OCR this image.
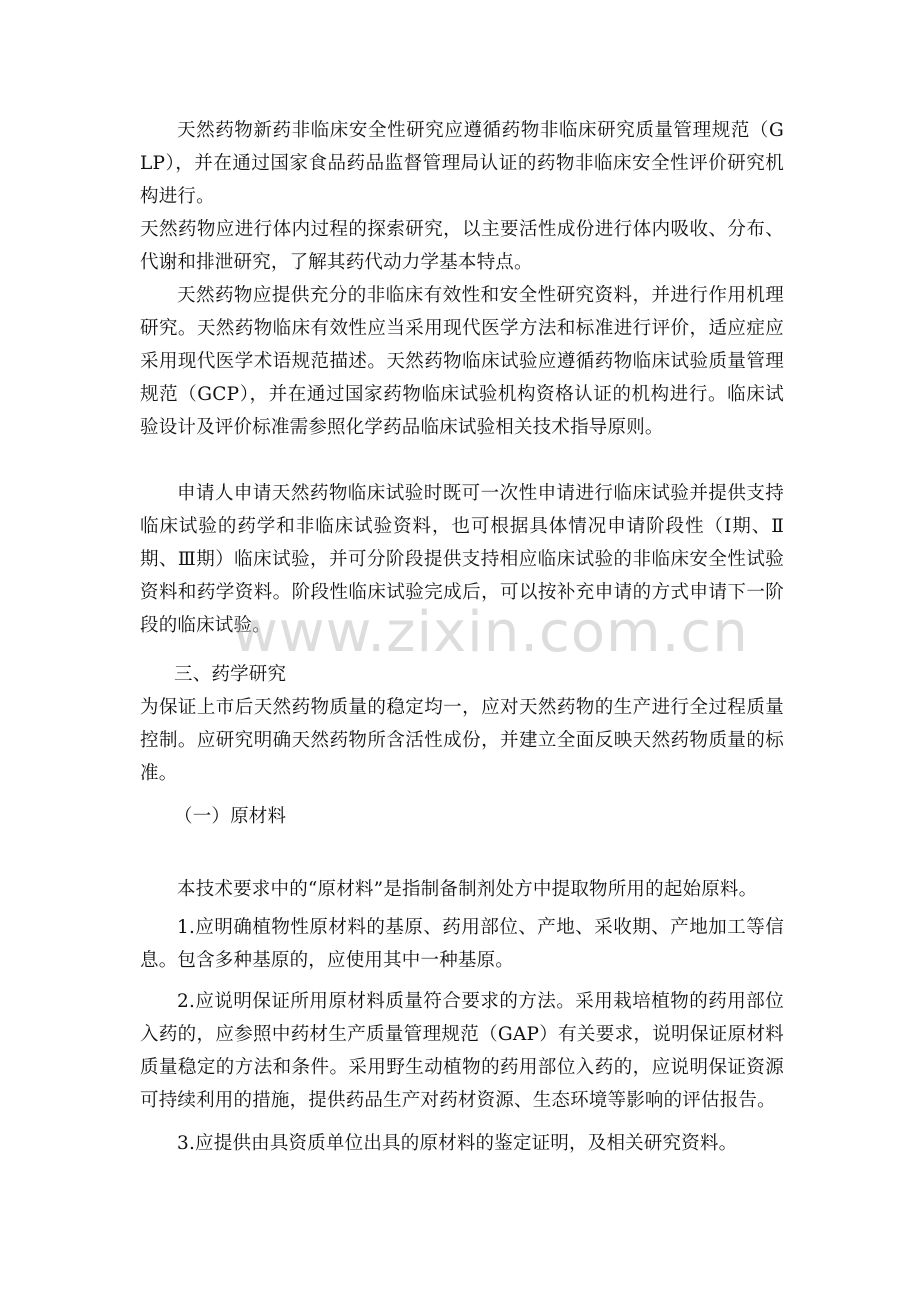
天然药物新药非临床安全性研究应遵循药物非临床研究质量管理规范（GLP），并在通过国家食品药品监督管理局认证的药物非临床安全性评价研究机构进行。

天然药物应进行体内过程的探索研究，以主要活性成份进行体内吸收、分布、代谢和排泄研究，了解其药代动力学基本特点。

天然药物应提供充分的非临床有效性和安全性研究资料，并进行作用机理研究。天然药物临床有效性应当采用现代医学方法和标准进行评价，适应症应采用现代医学术语规范描述。天然药物临床试验应遵循药物临床试验质量管理规范（GCP），并在通过国家药物临床试验机构资格认证的机构进行。临床试验设计及评价标准需参照化学药品临床试验相关技术指导原则。

申请人申请天然药物临床试验时既可一次性申请进行临床试验并提供支持临床试验的药学和非临床试验资料，也可根据具体情况申请阶段性（Ⅰ期、Ⅱ期、Ⅲ期）临床试验，并可分阶段提供支持相应临床试验的非临床安全性试验资料和药学资料。阶段性临床试验完成后，可以按补充申请的方式申请下一阶段的临床试验。

三、药学研究

为保证上市后天然药物质量的稳定均一，应对天然药物的生产进行全过程质量控制。应研究明确天然药物所含活性成份，并建立全面反映天然药物质量的标准。

（一）原材料

本技术要求中的“原材料”是指制备制剂处方中提取物所用的起始原料。

1.应明确植物性原材料的基原、药用部位、产地、采收期、产地加工等信息。包含多种基原的，应使用其中一种基原。

2.应说明保证所用原材料质量符合要求的方法。采用栽培植物的药用部位入药的，应参照中药材生产质量管理规范（GAP）有关要求，说明保证原材料质量稳定的方法和条件。采用野生动植物的药用部位入药的，应说明保证资源可持续利用的措施，提供药品生产对药材资源、生态环境等影响的评估报告。

3.应提供由具资质单位出具的原材料的鉴定证明，及相关研究资料。

www.zixin.com.cn
